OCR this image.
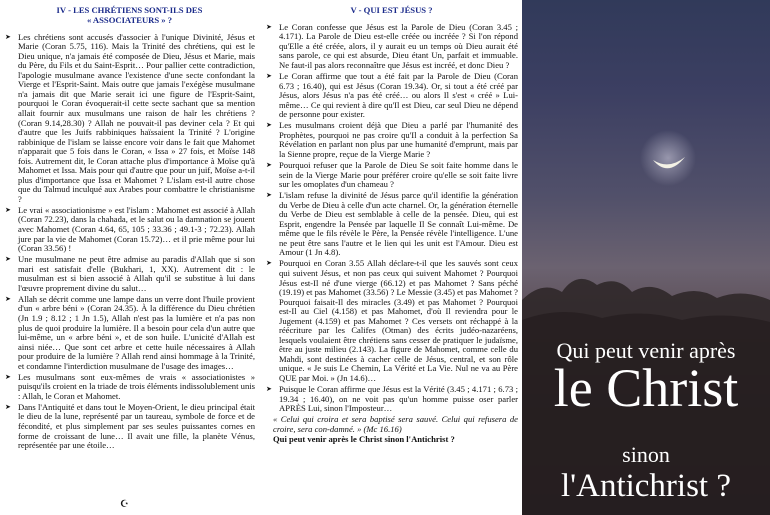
IV - LES CHRÉTIENS SONT-ILS DES
« ASSOCIATEURS » ?
➤ Les chrétiens sont accusés d'associer à l'unique Divinité, Jésus et Marie (Coran 5.75, 116). Mais la Trinité des chrétiens, qui est le Dieu unique, n'a jamais été composée de Dieu, Jésus et Marie, mais du Père, du Fils et du Saint-Esprit… Pour pallier cette contradiction, l'apologie musulmane avance l'existence d'une secte confondant la Vierge et l'Esprit-Saint. Mais outre que jamais l'exégèse musulmane n'a jamais dit que Marie serait ici une figure de l'Esprit-Saint, pourquoi le Coran évoquerait-il cette secte sachant que sa mention allait fournir aux musulmans une raison de haïr les chrétiens ? (Coran 9.14,28.30) ? Allah ne pouvait-il pas deviner cela ? Et qui d'autre que les Juifs rabbiniques haïssaient la Trinité ? L'origine rabbinique de l'islam se laisse encore voir dans le fait que Mahomet n'apparait que 5 fois dans le Coran, « Issa » 27 fois, et Moïse 148 fois. Autrement dit, le Coran attache plus d'importance à Moïse qu'à Mahomet et Issa. Mais pour qui d'autre que pour un juif, Moïse a-t-il plus d'importance que Issa et Mahomet ? L'islam est-il autre chose que du Talmud inculqué aux Arabes pour combattre le christianisme ?
➤ Le vrai « associationisme » est l'islam : Mahomet est associé à Allah (Coran 72.23), dans la chahada, et le salut ou la damnation se jouent avec Mahomet (Coran 4.64, 65, 105 ; 33.36 ; 49.1-3 ; 72.23). Allah jure par la vie de Mahomet (Coran 15.72)… et il prie même pour lui (Coran 33.56) !
➤ Une musulmane ne peut être admise au paradis d'Allah que si son mari est satisfait d'elle (Bukhari, 1, XX). Autrement dit : le musulman est si bien associé à Allah qu'il se substitue à lui dans l'œuvre proprement divine du salut…
➤ Allah se décrit comme une lampe dans un verre dont l'huile provient d'un « arbre béni » (Coran 24.35). À la différence du Dieu chrétien (Jn 1.9 ; 8.12 ; 1 Jn 1.5), Allah n'est pas la lumière et n'a pas non plus de quoi produire la lumière. Il a besoin pour cela d'un autre que lui-même, un « arbre béni », et de son huile. L'unicité d'Allah est ainsi niée… Que sont cet arbre et cette huile nécessaires à Allah pour produire de la lumière ? Allah rend ainsi hommage à la Trinité, et condamne l'interdiction musulmane de l'usage des images…
➤ Les musulmans sont eux-mêmes de vrais « associationistes » puisqu'ils croient en la triade de trois éléments indissolublement unis : Allah, le Coran et Mahomet.
➤ Dans l'Antiquité et dans tout le Moyen-Orient, le dieu principal était le dieu de la lune, représenté par un taureau, symbole de force et de fécondité, et plus simplement par ses seules puissantes cornes en forme de croissant de lune… Il avait une fille, la planète Vénus, représentée par une étoile…
☪
V - QUI EST JÉSUS ?
➤ Le Coran confesse que Jésus est la Parole de Dieu (Coran 3.45 ; 4.171). La Parole de Dieu est-elle créée ou incréée ? Si l'on répond qu'Elle a été créée, alors, il y aurait eu un temps où Dieu aurait été sans parole, ce qui est absurde, Dieu étant Un, parfait et immuable. Ne faut-il pas alors reconnaître que Jésus est incréé, et donc Dieu ?
➤ Le Coran affirme que tout a été fait par la Parole de Dieu (Coran 6.73 ; 16.40), qui est Jésus (Coran 19.34). Or, si tout a été créé par Jésus, alors Jésus n'a pas été créé… ou alors Il s'est « créé » Lui-même… Ce qui revient à dire qu'Il est Dieu, car seul Dieu ne dépend de personne pour exister.
➤ Les musulmans croient déjà que Dieu a parlé par l'humanité des Prophètes, pourquoi ne pas croire qu'Il a conduit à la perfection Sa Révélation en parlant non plus par une humanité d'emprunt, mais par la Sienne propre, reçue de la Vierge Marie ?
➤ Pourquoi refuser que la Parole de Dieu Se soit faite homme dans le sein de la Vierge Marie pour préférer croire qu'elle se soit faite livre sur les omoplates d'un chameau ?
➤ L'islam refuse la divinité de Jésus parce qu'il identifie la génération du Verbe de Dieu à celle d'un acte charnel. Or, la génération éternelle du Verbe de Dieu est semblable à celle de la pensée. Dieu, qui est Esprit, engendre la Pensée par laquelle Il Se connaît Lui-même. De même que le fils révèle le Père, la Pensée révèle l'intelligence. L'une ne peut être sans l'autre et le lien qui les unit est l'Amour. Dieu est Amour (1 Jn 4.8).
➤ Pourquoi en Coran 3.55 Allah déclare-t-il que les sauvés sont ceux qui suivent Jésus, et non pas ceux qui suivent Mahomet ? Pourquoi Jésus est-Il né d'une vierge (66.12) et pas Mahomet ? Sans péché (19.19) et pas Mahomet (33.56) ? Le Messie (3.45) et pas Mahomet ? Pourquoi faisait-Il des miracles (3.49) et pas Mahomet ? Pourquoi est-Il au Ciel (4.158) et pas Mahomet, d'où Il reviendra pour le Jugement (4.159) et pas Mahomet ? Ces versets ont réchappé à la réécriture par les Califes (Otman) des écrits judéo-nazaréens, lesquels voulaient être chrétiens sans cesser de pratiquer le judaïsme, être au juste milieu (2.143). La figure de Mahomet, comme celle du Mahdi, sont destinées à cacher celle de Jésus, central, et son rôle unique. « Je suis Le Chemin, La Vérité et La Vie. Nul ne va au Père QUE par Moi. » (Jn 14.6)…
➤ Puisque le Coran affirme que Jésus est la Vérité (3.45 ; 4.171 ; 6.73 ; 19.34 ; 16.40), on ne voit pas qu'un homme puisse oser parler APRÈS Lui, sinon l'Imposteur…
« Celui qui croira et sera baptisé sera sauvé. Celui qui refusera de croire, sera con-damné. » (Mc 16.16)
Qui peut venir après le Christ sinon l'Antichrist ?
Qui peut venir après
le Christ
sinon
l'Antichrist ?
